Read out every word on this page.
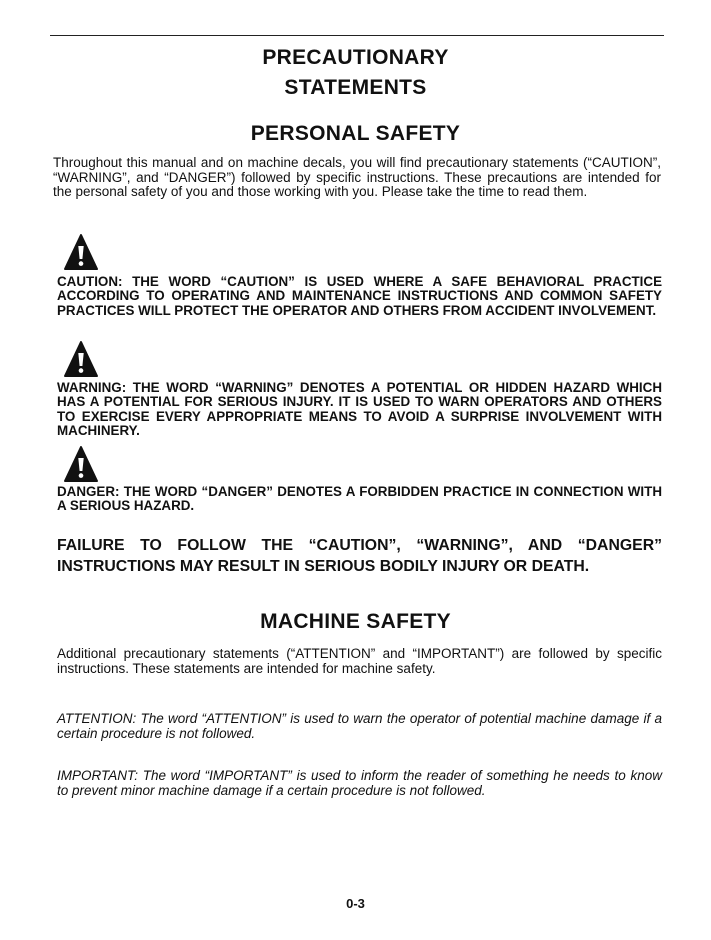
PRECAUTIONARY
STATEMENTS
PERSONAL SAFETY
Throughout this manual and on machine decals, you will find precautionary statements (“CAUTION”, “WARNING”, and “DANGER”) followed by specific instructions. These precautions are intended for the personal safety of you and those working with you. Please take the time to read them.
CAUTION: THE WORD “CAUTION” IS USED WHERE A SAFE BEHAVIORAL PRACTICE ACCORDING TO OPERATING AND MAINTENANCE INSTRUCTIONS AND COMMON SAFETY PRACTICES WILL PROTECT THE OPERATOR AND OTHERS FROM ACCIDENT INVOLVEMENT.
WARNING: THE WORD “WARNING” DENOTES A POTENTIAL OR HIDDEN HAZARD WHICH HAS A POTENTIAL FOR SERIOUS INJURY. IT IS USED TO WARN OPERATORS AND OTHERS TO EXERCISE EVERY APPROPRIATE MEANS TO AVOID A SURPRISE INVOLVEMENT WITH MACHINERY.
DANGER: THE WORD “DANGER” DENOTES A FORBIDDEN PRACTICE IN CONNECTION WITH A SERIOUS HAZARD.
FAILURE TO FOLLOW THE “CAUTION”, “WARNING”, AND “DANGER”
INSTRUCTIONS MAY RESULT IN SERIOUS BODILY INJURY OR DEATH.
MACHINE SAFETY
Additional precautionary statements (“ATTENTION” and “IMPORTANT”) are followed by specific instructions. These statements are intended for machine safety.
ATTENTION: The word “ATTENTION” is used to warn the operator of potential machine damage if a certain procedure is not followed.
IMPORTANT: The word “IMPORTANT” is used to inform the reader of something he needs to know to prevent minor machine damage if a certain procedure is not followed.
0-3
